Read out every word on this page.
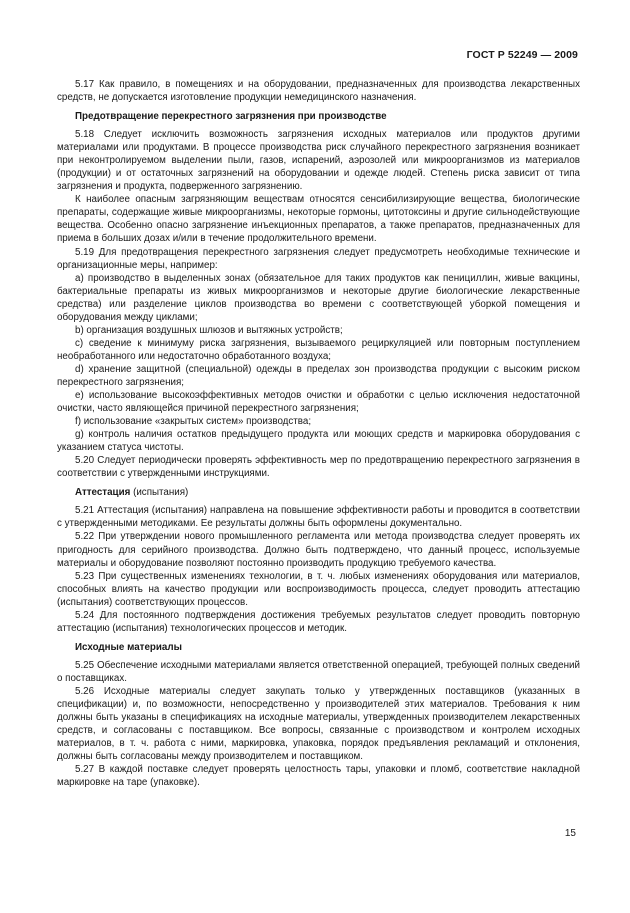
ГОСТ Р 52249 — 2009

5.17 Как правило, в помещениях и на оборудовании, предназначенных для производства лекарственных средств, не допускается изготовление продукции немедицинского назначения.

Предотвращение перекрестного загрязнения при производстве

5.18 Следует исключить возможность загрязнения исходных материалов или продуктов другими материалами или продуктами. В процессе производства риск случайного перекрестного загрязнения возникает при неконтролируемом выделении пыли, газов, испарений, аэрозолей или микроорганизмов из материалов (продукции) и от остаточных загрязнений на оборудовании и одежде людей. Степень риска зависит от типа загрязнения и продукта, подверженного загрязнению.

К наиболее опасным загрязняющим веществам относятся сенсибилизирующие вещества, биологические препараты, содержащие живые микроорганизмы, некоторые гормоны, цитотоксины и другие сильнодействующие вещества. Особенно опасно загрязнение инъекционных препаратов, а также препаратов, предназначенных для приема в больших дозах и/или в течение продолжительного времени.

5.19 Для предотвращения перекрестного загрязнения следует предусмотреть необходимые технические и организационные меры, например:

а) производство в выделенных зонах (обязательное для таких продуктов как пенициллин, живые вакцины, бактериальные препараты из живых микроорганизмов и некоторые другие биологические лекарственные средства) или разделение циклов производства во времени с соответствующей уборкой помещения и оборудования между циклами;

b) организация воздушных шлюзов и вытяжных устройств;

c) сведение к минимуму риска загрязнения, вызываемого рециркуляцией или повторным поступлением необработанного или недостаточно обработанного воздуха;

d) хранение защитной (специальной) одежды в пределах зон производства продукции с высоким риском перекрестного загрязнения;

e) использование высокоэффективных методов очистки и обработки с целью исключения недостаточной очистки, часто являющейся причиной перекрестного загрязнения;

f) использование «закрытых систем» производства;

g) контроль наличия остатков предыдущего продукта или моющих средств и маркировка оборудования с указанием статуса чистоты.

5.20 Следует периодически проверять эффективность мер по предотвращению перекрестного загрязнения в соответствии с утвержденными инструкциями.

Аттестация (испытания)

5.21 Аттестация (испытания) направлена на повышение эффективности работы и проводится в соответствии с утвержденными методиками. Ее результаты должны быть оформлены документально.

5.22 При утверждении нового промышленного регламента или метода производства следует проверять их пригодность для серийного производства. Должно быть подтверждено, что данный процесс, используемые материалы и оборудование позволяют постоянно производить продукцию требуемого качества.

5.23 При существенных изменениях технологии, в т. ч. любых изменениях оборудования или материалов, способных влиять на качество продукции или воспроизводимость процесса, следует проводить аттестацию (испытания) соответствующих процессов.

5.24 Для постоянного подтверждения достижения требуемых результатов следует проводить повторную аттестацию (испытания) технологических процессов и методик.

Исходные материалы

5.25 Обеспечение исходными материалами является ответственной операцией, требующей полных сведений о поставщиках.

5.26 Исходные материалы следует закупать только у утвержденных поставщиков (указанных в спецификации) и, по возможности, непосредственно у производителей этих материалов. Требования к ним должны быть указаны в спецификациях на исходные материалы, утвержденных производителем лекарственных средств, и согласованы с поставщиком. Все вопросы, связанные с производством и контролем исходных материалов, в т. ч. работа с ними, маркировка, упаковка, порядок предъявления рекламаций и отклонения, должны быть согласованы между производителем и поставщиком.

5.27 В каждой поставке следует проверять целостность тары, упаковки и пломб, соответствие накладной маркировке на таре (упаковке).

15
